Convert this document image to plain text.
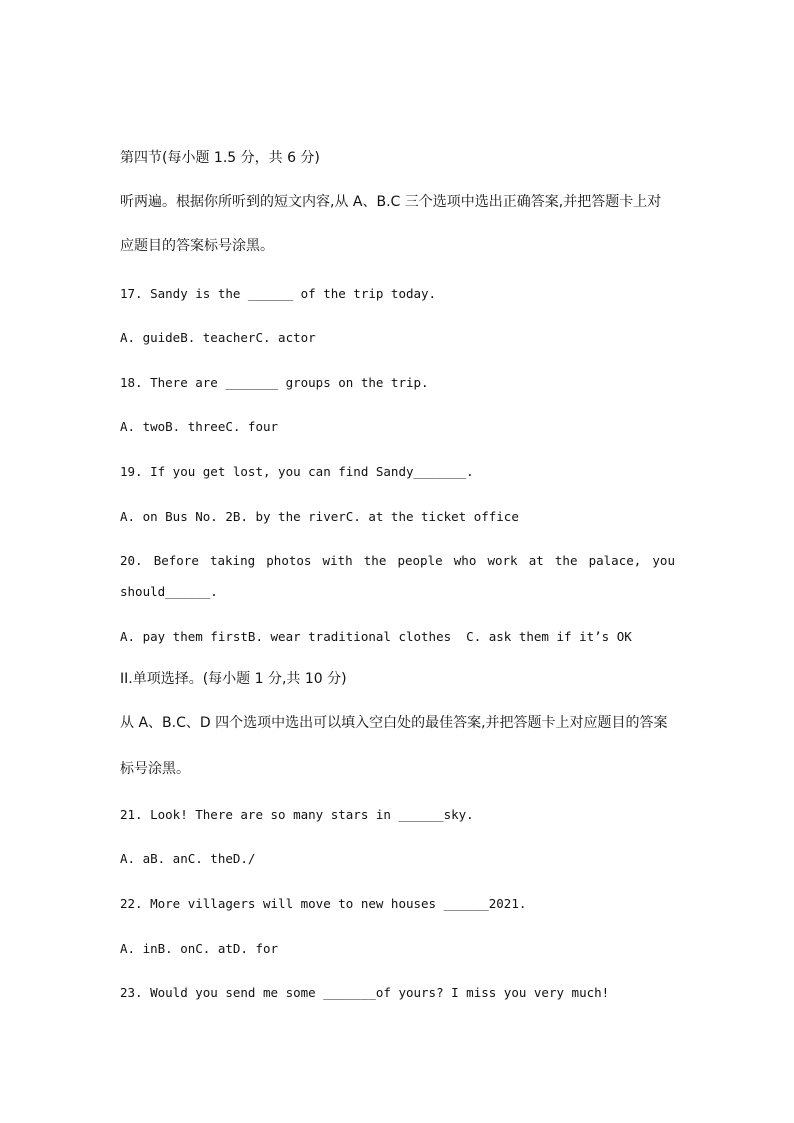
第四节(每小题 1.5 分，共 6 分)
听两遍。根据你所听到的短文内容,从 A、B.C 三个选项中选出正确答案,并把答题卡上对
应题目的答案标号涂黑。
17. Sandy is the ______ of the trip today.
A. guideB. teacherC. actor
18. There are _______ groups on the trip.
A. twoB. threeC. four
19. If you get lost, you can find Sandy_______.
A. on Bus No. 2B. by the riverC. at the ticket office
20. Before taking photos with the people who work at the palace, you
should______.
A. pay them firstB. wear traditional clothes  C. ask them if it’s OK
II.单项选择。(每小题 1 分,共 10 分)
从 A、B.C、D 四个选项中选出可以填入空白处的最佳答案,并把答题卡上对应题目的答案
标号涂黑。
21. Look! There are so many stars in ______sky.
A. aB. anC. theD./
22. More villagers will move to new houses ______2021.
A. inB. onC. atD. for
23. Would you send me some _______of yours? I miss you very much!
